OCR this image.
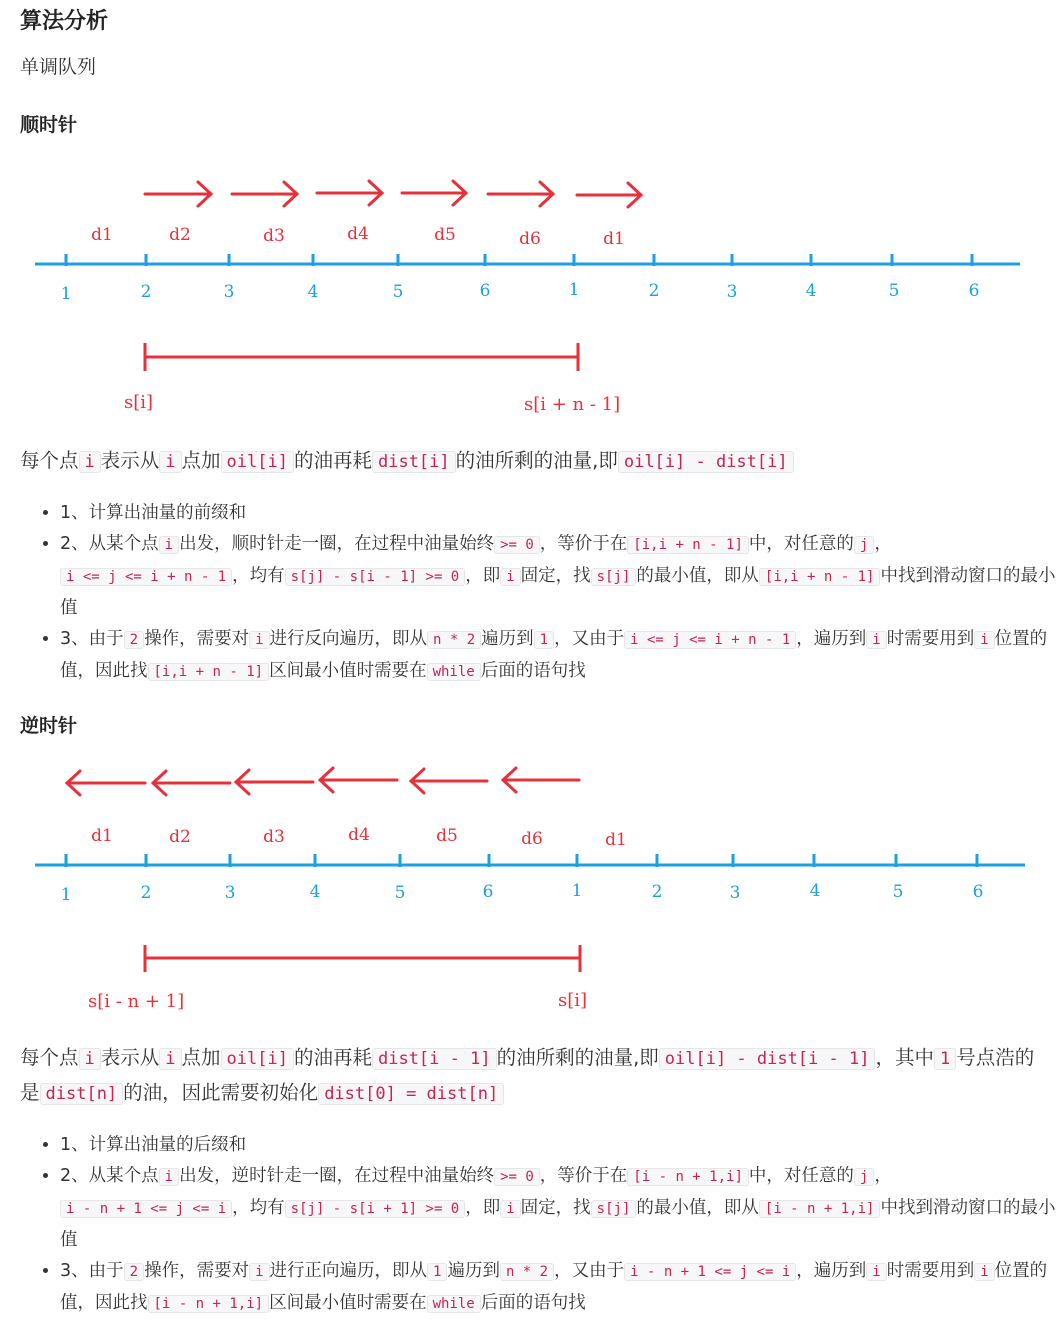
算法分析
单调队列
顺时针
d1	d2	d3	d4	d5	d6	d1
1	2	3	4	5	6	1	2	3	4	5	6
s[i]	s[i + n - 1]
每个点 i 表示从 i 点加 oil[i] 的油再耗 dist[i] 的油所剩的油量,即 oil[i] - dist[i]
• 1、计算出油量的前缀和
• 2、从某个点 i 出发，顺时针走一圈，在过程中油量始终 >= 0 ，等价于在 [i,i + n - 1] 中，对任意的 j ，i <= j <= i + n - 1 ，均有 s[j] - s[i - 1] >= 0 ，即 i 固定，找 s[j] 的最小值，即从 [i,i + n - 1] 中找到滑动窗口的最小值
• 3、由于 2 操作，需要对 i 进行反向遍历，即从 n * 2 遍历到 1 ，又由于 i <= j <= i + n - 1 ，遍历到 i 时需要用到 i 位置的值，因此找 [i,i + n - 1] 区间最小值时需要在 while 后面的语句找
逆时针
d1	d2	d3	d4	d5	d6	d1
1	2	3	4	5	6	1	2	3	4	5	6
s[i - n + 1]	s[i]
每个点 i 表示从 i 点加 oil[i] 的油再耗 dist[i - 1] 的油所剩的油量,即 oil[i] - dist[i - 1] ，其中 1 号点浩的是 dist[n] 的油，因此需要初始化 dist[0] = dist[n]
• 1、计算出油量的后缀和
• 2、从某个点 i 出发，逆时针走一圈，在过程中油量始终 >= 0 ，等价于在 [i - n + 1,i] 中，对任意的 j ，i - n + 1 <= j <= i ，均有 s[j] - s[i + 1] >= 0 ，即 i 固定，找 s[j] 的最小值，即从 [i - n + 1,i] 中找到滑动窗口的最小值
• 3、由于 2 操作，需要对 i 进行正向遍历，即从 1 遍历到 n * 2 ，又由于 i - n + 1 <= j <= i ，遍历到 i 时需要用到 i 位置的值，因此找 [i - n + 1,i] 区间最小值时需要在 while 后面的语句找
